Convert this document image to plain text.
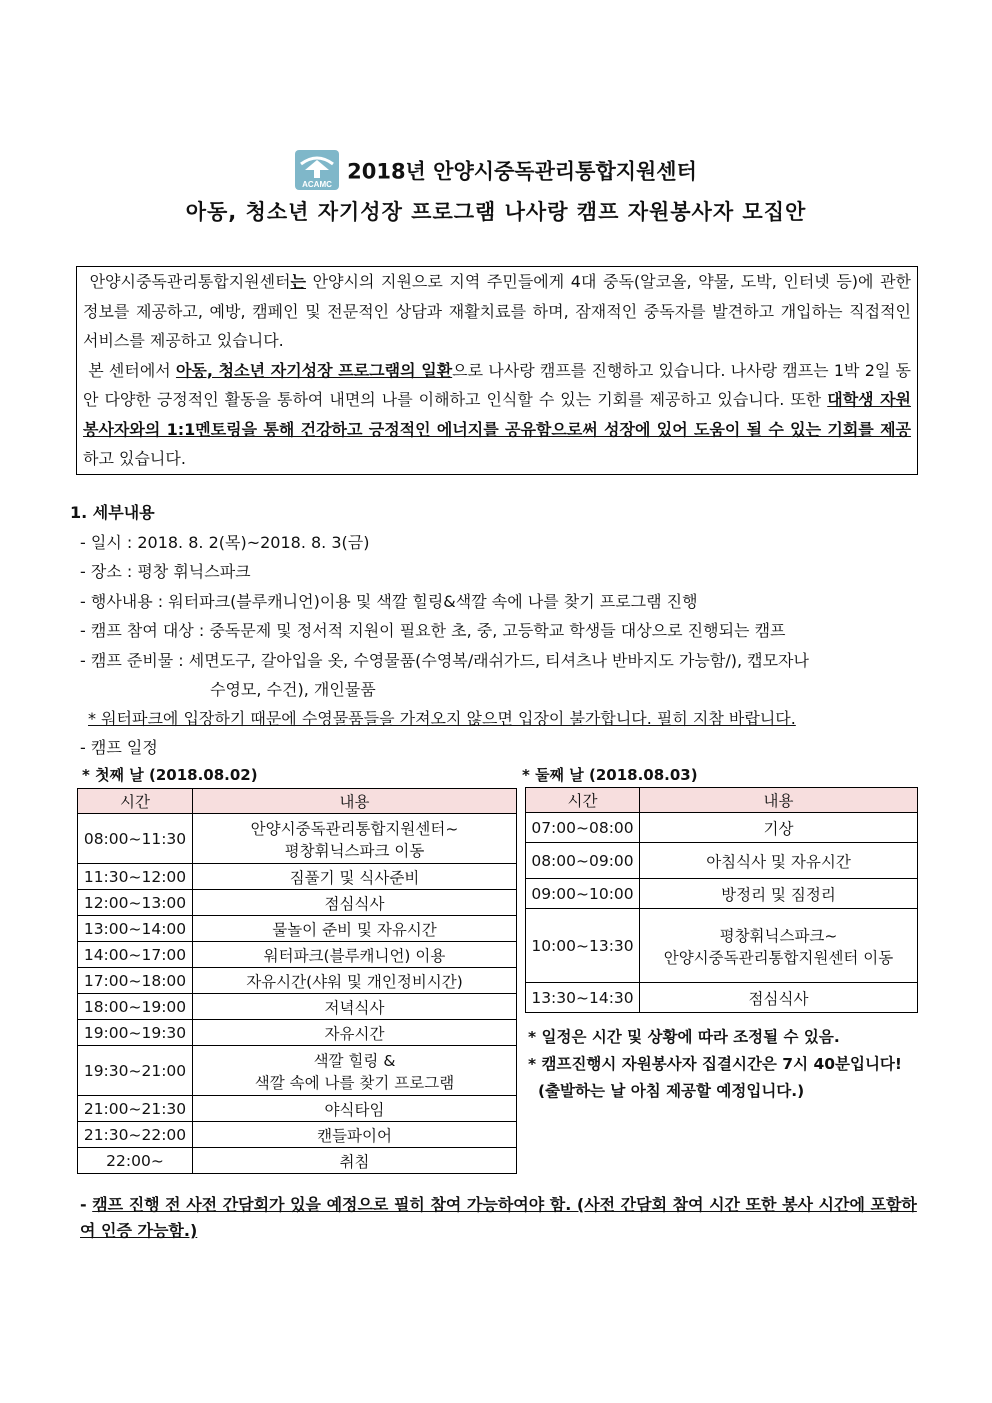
ACAMC
2018년 안양시중독관리통합지원센터
아동, 청소년 자기성장 프로그램 나사랑 캠프 자원봉사자 모집안

안양시중독관리통합지원센터는 안양시의 지원으로 지역 주민들에게 4대 중독(알코올, 약물, 도박, 인터넷 등)에 관한 정보를 제공하고, 예방, 캠페인 및 전문적인 상담과 재활치료를 하며, 잠재적인 중독자를 발견하고 개입하는 직접적인 서비스를 제공하고 있습니다.

본 센터에서 아동, 청소년 자기성장 프로그램의 일환으로 나사랑 캠프를 진행하고 있습니다. 나사랑 캠프는 1박 2일 동안 다양한 긍정적인 활동을 통하여 내면의 나를 이해하고 인식할 수 있는 기회를 제공하고 있습니다. 또한 대학생 자원봉사자와의 1:1멘토링을 통해 건강하고 긍정적인 에너지를 공유함으로써 성장에 있어 도움이 될 수 있는 기회를 제공하고 있습니다.

1. 세부내용
- 일시 : 2018. 8. 2(목)~2018. 8. 3(금)
- 장소 : 평창 휘닉스파크
- 행사내용 : 워터파크(블루캐니언)이용 및 색깔 힐링&색깔 속에 나를 찾기 프로그램 진행
- 캠프 참여 대상 : 중독문제 및 정서적 지원이 필요한 초, 중, 고등학교 학생들 대상으로 진행되는 캠프
- 캠프 준비물 : 세면도구, 갈아입을 옷, 수영물품(수영복/래쉬가드, 티셔츠나 반바지도 가능함/), 캡모자나
수영모, 수건), 개인물품
* 워터파크에 입장하기 때문에 수영물품들을 가져오지 않으면 입장이 불가합니다. 필히 지참 바랍니다.
- 캠프 일정
* 첫째 날 (2018.08.02)	* 둘째 날 (2018.08.03)
시간	내용
08:00~11:30	안양시중독관리통합지원센터~
평창휘닉스파크 이동

11:30~12:00	짐풀기 및 식사준비

12:00~13:00	점심식사

13:00~14:00	물놀이 준비 및 자유시간

14:00~17:00	워터파크(블루캐니언) 이용

17:00~18:00	자유시간(샤워 및 개인정비시간)

18:00~19:00	저녁식사

19:00~19:30	자유시간

19:30~21:00	색깔 힐링 &
색깔 속에 나를 찾기 프로그램

21:00~21:30	야식타임

21:30~22:00	캔들파이어

22:00~	취침
시간	내용
07:00~08:00	기상

08:00~09:00	아침식사 및 자유시간

09:00~10:00	방정리 및 짐정리

10:00~13:30	평창휘닉스파크~
안양시중독관리통합지원센터 이동

13:30~14:30	점심식사
* 일정은 시간 및 상황에 따라 조정될 수 있음.
* 캠프진행시 자원봉사자 집결시간은 7시 40분입니다!
(출발하는 날 아침 제공할 예정입니다.)
- 캠프 진행 전 사전 간담회가 있을 예정으로 필히 참여 가능하여야 함. (사전 간담회 참여 시간 또한 봉사 시간에 포함하여 인증 가능함.)
